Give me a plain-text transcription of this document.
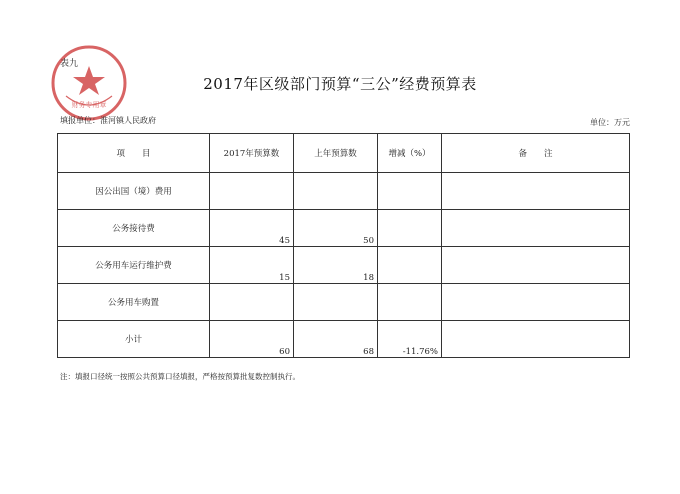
财务专用章
表九
2017年区级部门预算“三公”经费预算表
填报单位：淮河镇人民政府	单位：万元
项　　目	2017年预算数	上年预算数	增减（%）	备　　注
因公出国（境）费用				
公务接待费	45	50		
公务用车运行维护费	15	18		
公务用车购置				
小计	60	68	-11.76%	
注：填报口径统一按照公共预算口径填报，严格按预算批复数控制执行。
